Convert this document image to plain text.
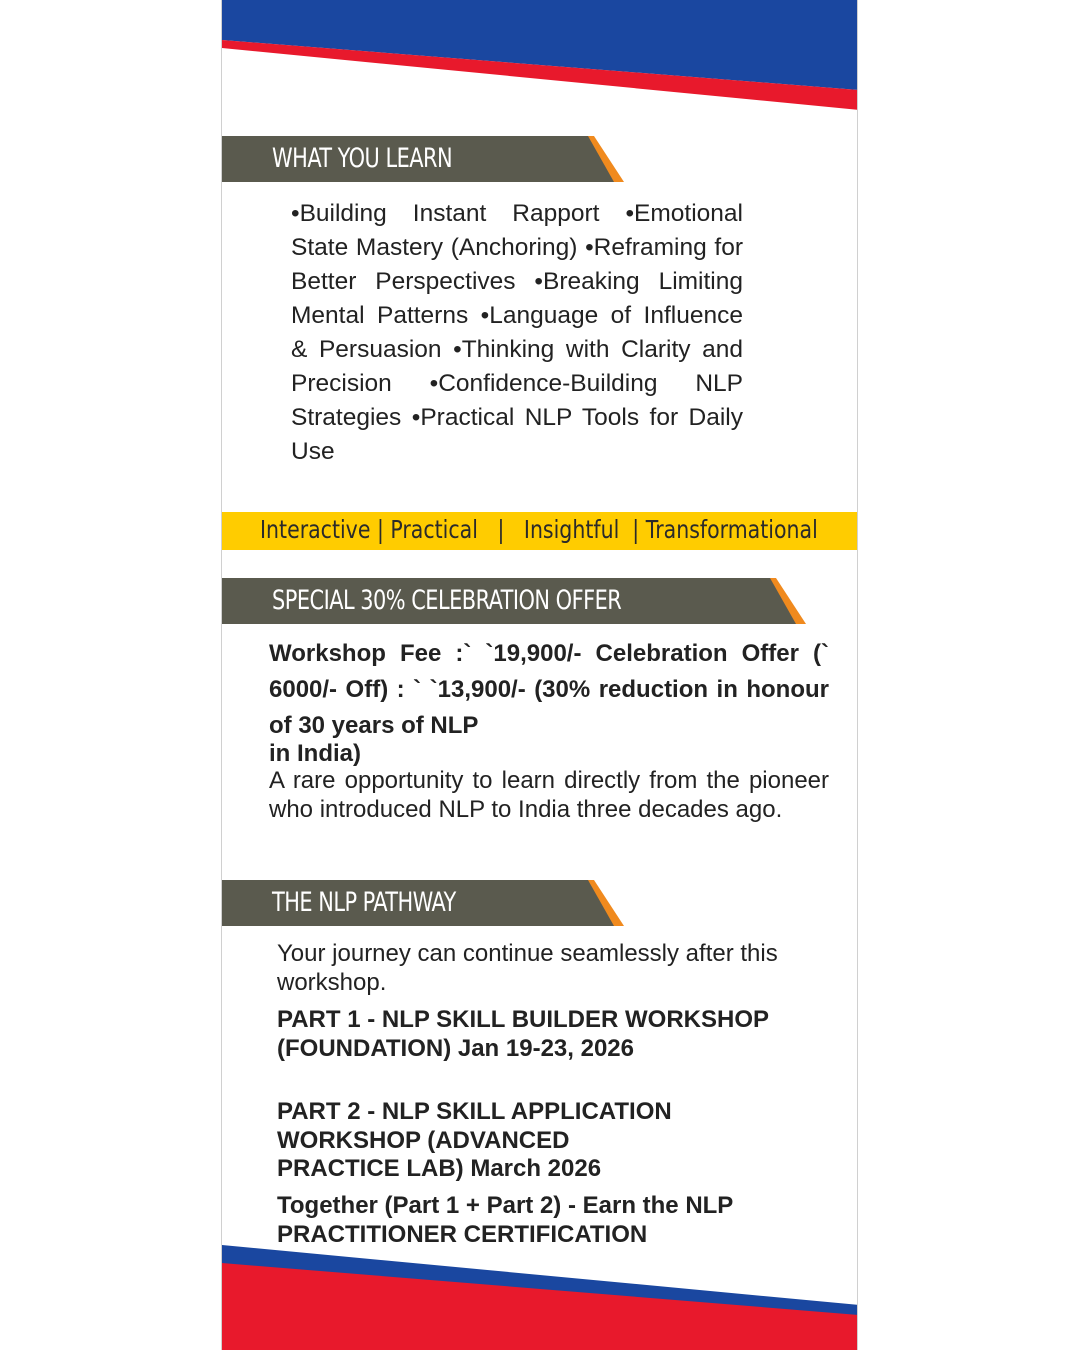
WHAT YOU LEARN

•Building Instant Rapport •Emotional State Mastery (Anchoring) •Reframing for Better Perspectives •Breaking Limiting Mental Patterns •Language of Influence & Persuasion •Thinking with Clarity and Precision •Confidence-Building NLP Strategies •Practical NLP Tools for Daily Use

Interactive | Practical   |   Insightful  | Transformational
SPECIAL 30% CELEBRATION OFFER

Workshop Fee :` `19,900/- Celebration Offer (` 6000/- Off) : ` `13,900/- (30% reduction in honour of 30 years of NLP
in India)

A rare opportunity to learn directly from the pioneer who introduced NLP to India three decades ago.

THE NLP PATHWAY

Your journey can continue seamlessly after this workshop.

PART 1 - NLP SKILL BUILDER WORKSHOP (FOUNDATION) Jan 19-23, 2026

PART 2 - NLP SKILL APPLICATION
WORKSHOP (ADVANCED
PRACTICE LAB) March 2026

Together (Part 1 + Part 2) - Earn the NLP
PRACTITIONER CERTIFICATION
